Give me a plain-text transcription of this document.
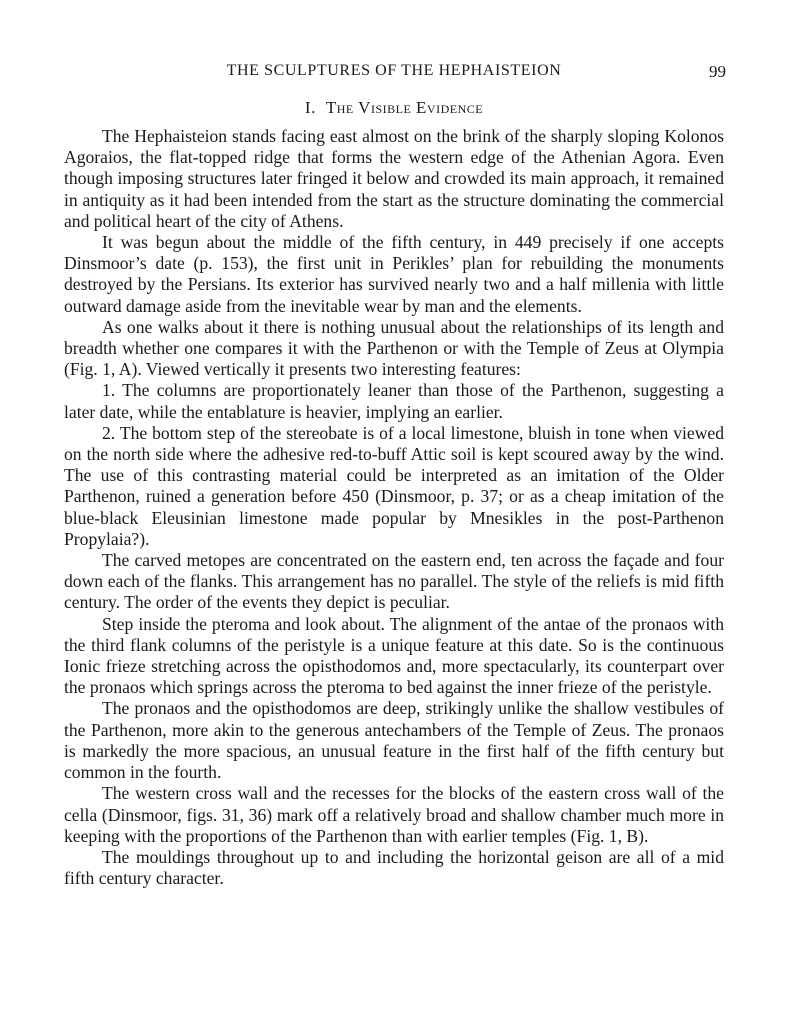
THE SCULPTURES OF THE HEPHAISTEION	99
I. The Visible Evidence

The Hephaisteion stands facing east almost on the brink of the sharply sloping Kolonos Agoraios, the flat-topped ridge that forms the western edge of the Athenian Agora. Even though imposing structures later fringed it below and crowded its main approach, it remained in antiquity as it had been intended from the start as the structure dominating the commercial and political heart of the city of Athens.

It was begun about the middle of the fifth century, in 449 precisely if one accepts Dinsmoor’s date (p. 153), the first unit in Perikles’ plan for rebuilding the monuments destroyed by the Persians. Its exterior has survived nearly two and a half millenia with little outward damage aside from the inevitable wear by man and the elements.

As one walks about it there is nothing unusual about the relationships of its length and breadth whether one compares it with the Parthenon or with the Temple of Zeus at Olympia (Fig. 1, A). Viewed vertically it presents two interesting features:

1. The columns are proportionately leaner than those of the Parthenon, suggesting a later date, while the entablature is heavier, implying an earlier.

2. The bottom step of the stereobate is of a local limestone, bluish in tone when viewed on the north side where the adhesive red-to-buff Attic soil is kept scoured away by the wind. The use of this contrasting material could be interpreted as an imitation of the Older Parthenon, ruined a generation before 450 (Dinsmoor, p. 37; or as a cheap imitation of the blue-black Eleusinian limestone made popular by Mnesikles in the post-Parthenon Propylaia?).

The carved metopes are concentrated on the eastern end, ten across the façade and four down each of the flanks. This arrangement has no parallel. The style of the reliefs is mid fifth century. The order of the events they depict is peculiar.

Step inside the pteroma and look about. The alignment of the antae of the pronaos with the third flank columns of the peristyle is a unique feature at this date. So is the continuous Ionic frieze stretching across the opisthodomos and, more spectacularly, its counterpart over the pronaos which springs across the pteroma to bed against the inner frieze of the peristyle.

The pronaos and the opisthodomos are deep, strikingly unlike the shallow vestibules of the Parthenon, more akin to the generous antechambers of the Temple of Zeus. The pronaos is markedly the more spacious, an unusual feature in the first half of the fifth century but common in the fourth.

The western cross wall and the recesses for the blocks of the eastern cross wall of the cella (Dinsmoor, figs. 31, 36) mark off a relatively broad and shallow chamber much more in keeping with the proportions of the Parthenon than with earlier temples (Fig. 1, B).

The mouldings throughout up to and including the horizontal geison are all of a mid fifth century character.
